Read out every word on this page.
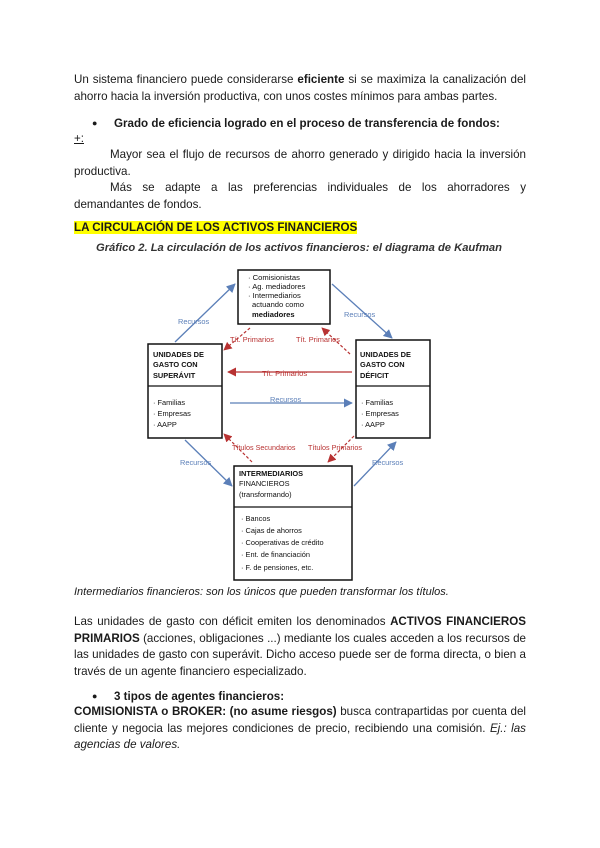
Un sistema financiero puede considerarse eficiente si se maximiza la canalización del ahorro hacia la inversión productiva, con unos costes mínimos para ambas partes.
● Grado de eficiencia logrado en el proceso de transferencia de fondos:
+:
Mayor sea el flujo de recursos de ahorro generado y dirigido hacia la inversión productiva.
Más se adapte a las preferencias individuales de los ahorradores y demandantes de fondos.
LA CIRCULACIÓN DE LOS ACTIVOS FINANCIEROS
Gráfico 2. La circulación de los activos financieros: el diagrama de Kaufman
· Comisionistas
· Ag. mediadores
· Intermediarios
actuando como
mediadores
UNIDADES DE
GASTO CON
SUPERÁVIT
· Familias
· Empresas
· AAPP
UNIDADES DE
GASTO CON
DÉFICIT
· Familias
· Empresas
· AAPP
INTERMEDIARIOS
FINANCIEROS
(transformando)
· Bancos
· Cajas de ahorros
· Cooperativas de crédito
· Ent. de financiación
· F. de pensiones, etc.
Recursos
Recursos
Recursos
Recursos	Recursos
Tít. Primarios	Tít. Primarios
Tít. Primarios
Títulos Secundarios Títulos Primarios
Intermediarios financieros: son los únicos que pueden transformar los títulos.
Las unidades de gasto con déficit emiten los denominados ACTIVOS FINANCIEROS PRIMARIOS (acciones, obligaciones ...) mediante los cuales acceden a los recursos de las unidades de gasto con superávit. Dicho acceso puede ser de forma directa, o bien a través de un agente financiero especializado.
● 3 tipos de agentes financieros:
COMISIONISTA o BROKER: (no asume riesgos) busca contrapartidas por cuenta del cliente y negocia las mejores condiciones de precio, recibiendo una comisión. Ej.: las agencias de valores.
